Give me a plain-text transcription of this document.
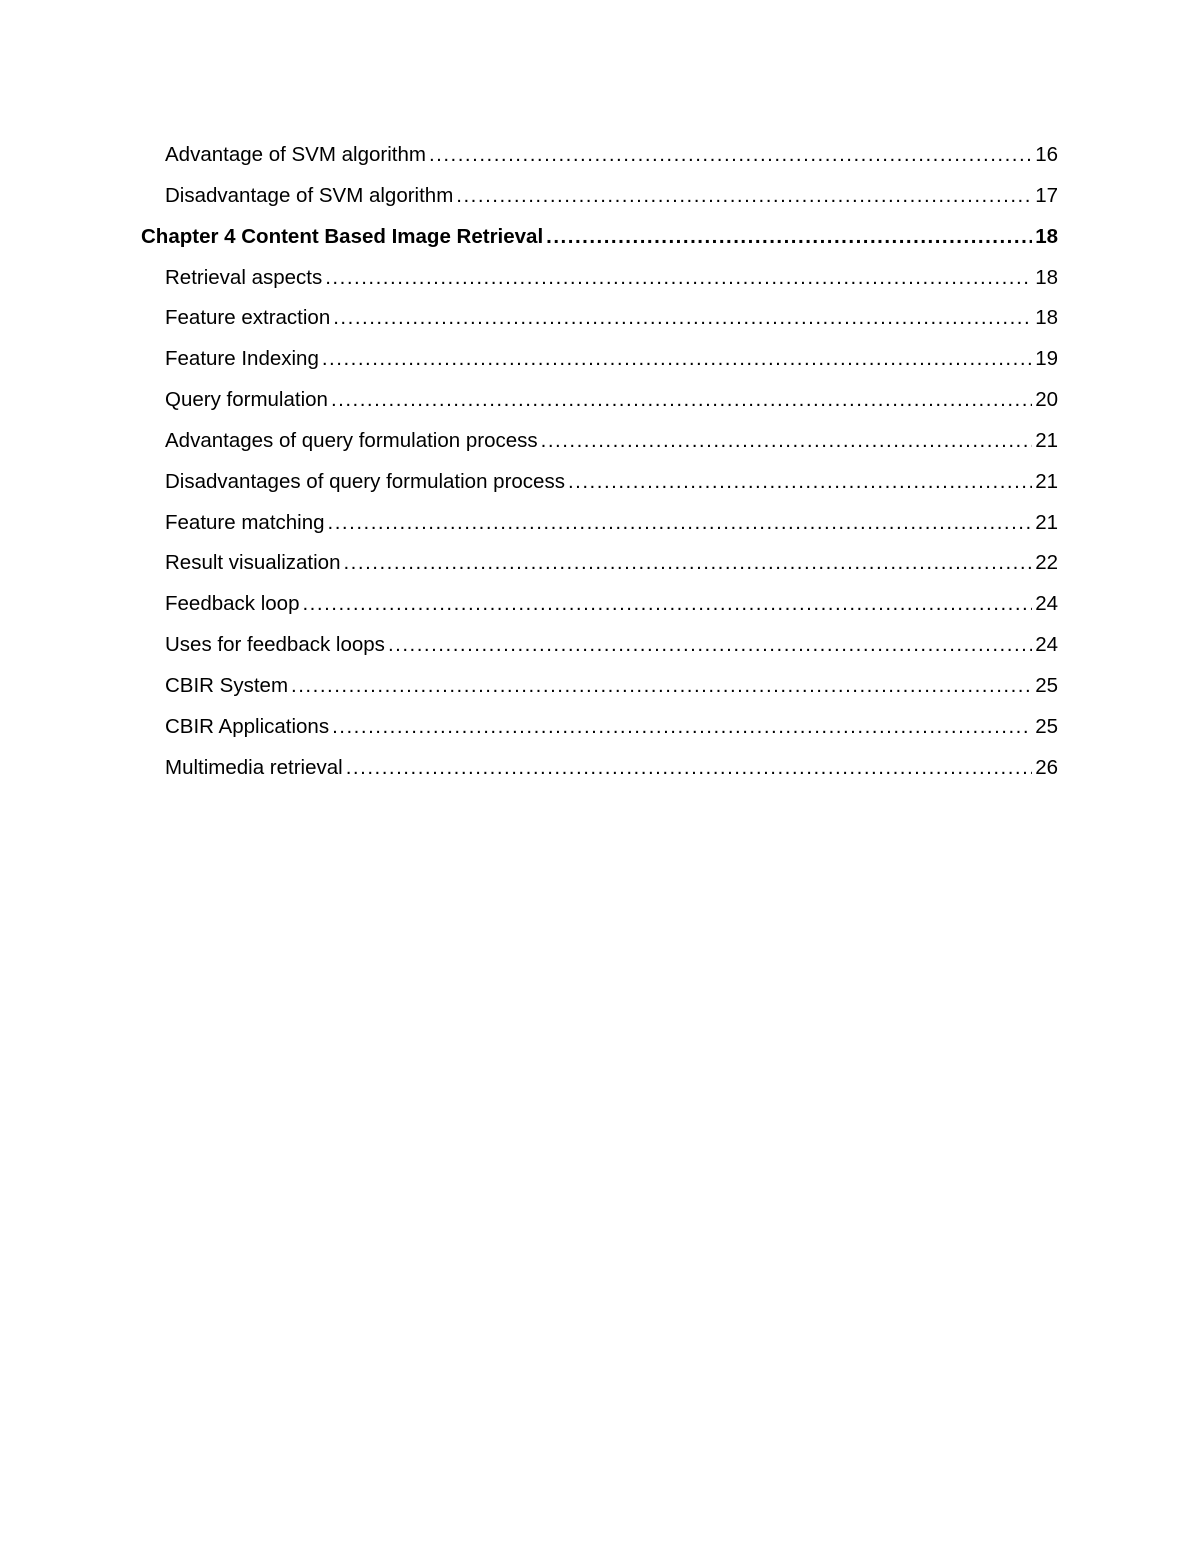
Advantage of SVM algorithm .....	16
Disadvantage of SVM algorithm .....	17
Chapter 4 Content Based Image Retrieval .....	18
Retrieval aspects .....	18
Feature extraction .....	18
Feature Indexing .....	19
Query formulation .....	20
Advantages of query formulation process .....	21
Disadvantages of query formulation process .....	21
Feature matching .....	21
Result visualization .....	22
Feedback loop .....	24
Uses for feedback loops .....	24
CBIR System .....	25
CBIR Applications .....	25
Multimedia retrieval .....	26
